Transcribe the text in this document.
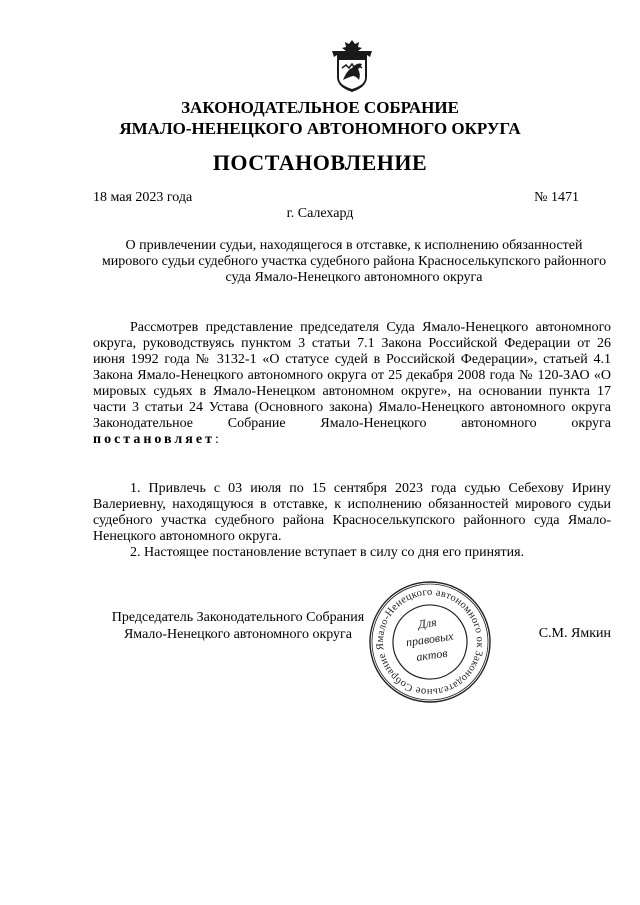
ЗАКОНОДАТЕЛЬНОЕ СОБРАНИЕ
ЯМАЛО-НЕНЕЦКОГО АВТОНОМНОГО ОКРУГА
ПОСТАНОВЛЕНИЕ
18 мая 2023 года	№ 1471
г. Салехард
О привлечении судьи, находящегося в отставке, к исполнению обязанностей мирового судьи судебного участка судебного района Красноселькупского районного суда Ямало-Ненецкого автономного округа
Рассмотрев представление председателя Суда Ямало-Ненецкого автономного округа, руководствуясь пунктом 3 статьи 7.1 Закона Российской Федерации от 26 июня 1992 года № 3132-1 «О статусе судей в Российской Федерации», статьей 4.1 Закона Ямало-Ненецкого автономного округа от 25 декабря 2008 года № 120-ЗАО «О мировых судьях в Ямало-Ненецком автономном округе», на основании пункта 17 части 3 статьи 24 Устава (Основного закона) Ямало-Ненецкого автономного округа Законодательное Собрание Ямало-Ненецкого автономного округа постановляет:
1. Привлечь с 03 июля по 15 сентября 2023 года судью Себехову Ирину Валериевну, находящуюся в отставке, к исполнению обязанностей мирового судьи судебного участка судебного района Красноселькупского районного суда Ямало-Ненецкого автономного округа.
2. Настоящее постановление вступает в силу со дня его принятия.
Председатель Законодательного Собрания Ямало-Ненецкого автономного округа	С.М. Ямкин
Законодательное Собрание Ямало-Ненецкого автономного округа
Для
правовых
актов
